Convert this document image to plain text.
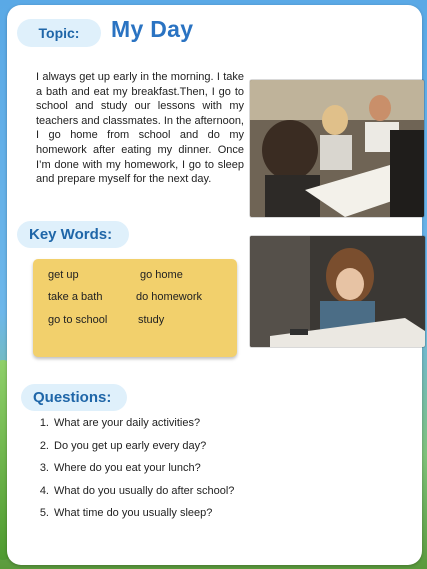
Topic:	My Day

I always get up early in the morning. I take a bath and eat my breakfast.Then, I go to school and study our lessons with my teachers and classmates. In the afternoon, I go home from school and do my homework after eating my dinner. Once I’m done with my homework, I go to sleep and prepare myself for the next day.

Key Words:
get up	go home
take a bath	do homework
go to school	study
Questions:
1. What are your daily activities?
2. Do you get up early every day?
3. Where do you eat your lunch?
4. What do you usually do after school?
5. What time do you usually sleep?
